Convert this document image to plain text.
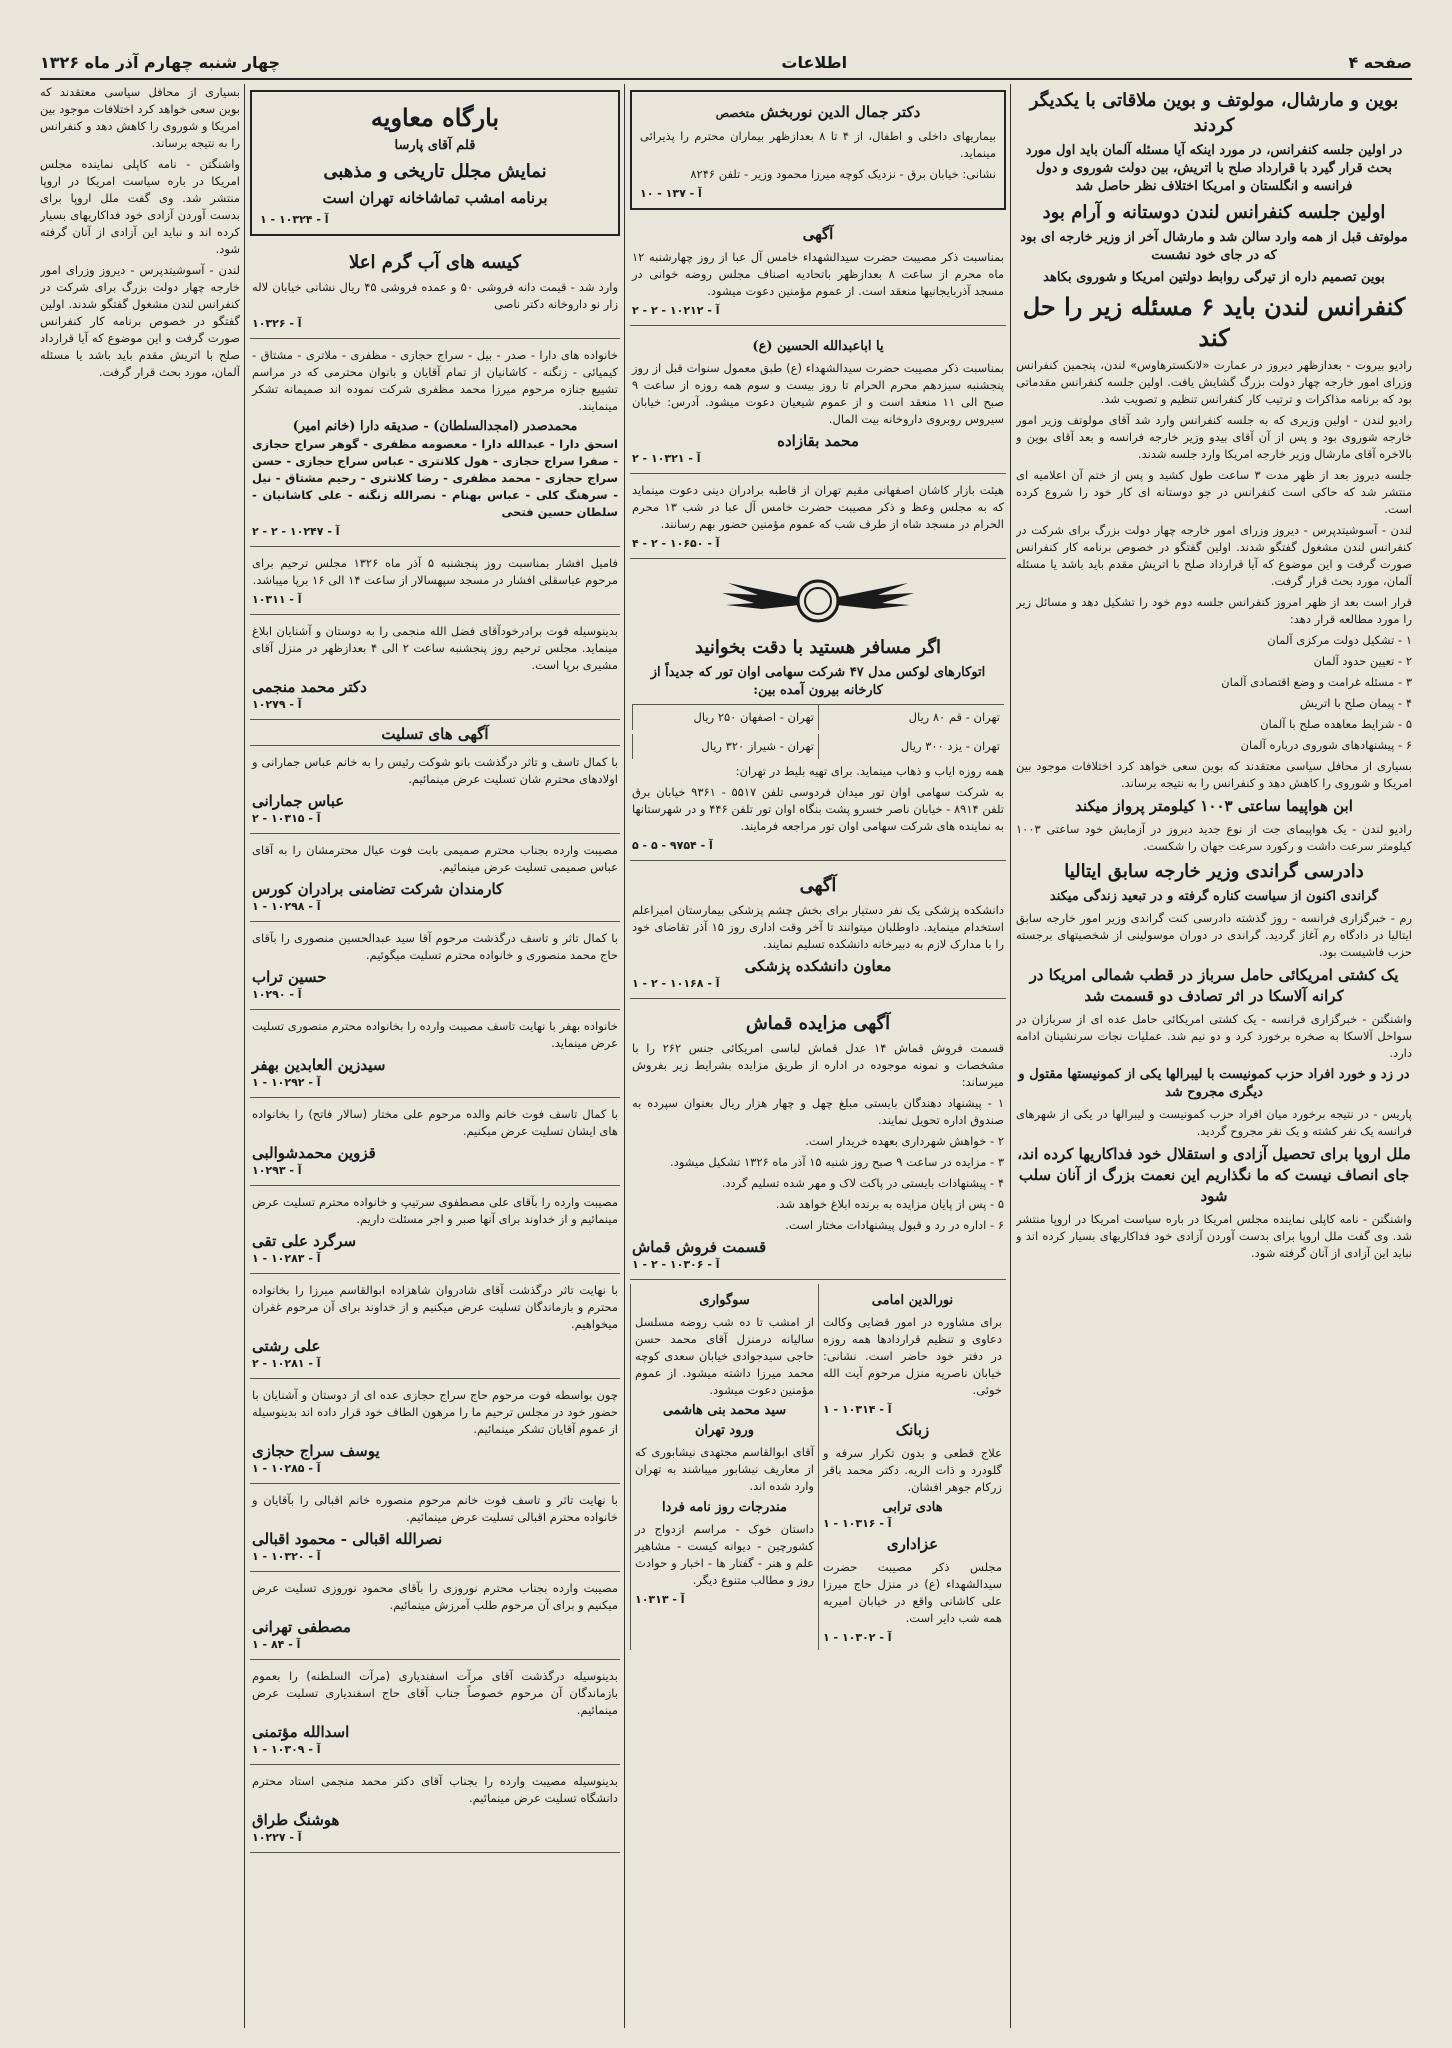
صفحه ۴
اطلاعات
چهار شنبه چهارم آذر ماه ۱۳۲۶
بوین و مارشال، مولوتف و بوین ملاقاتی با یکدیگر کردند
در اولین جلسه کنفرانس، در مورد اینکه آیا مسئله آلمان باید اول مورد بحث قرار گیرد با قرارداد صلح با اتریش، بین دولت شوروی و دول فرانسه و انگلستان و امریکا اختلاف نظر حاصل شد
اولین جلسه کنفرانس لندن دوستانه و آرام بود
مولوتف قبل از همه وارد سالن شد و مارشال آخر از وزیر خارجه ای بود که در جای خود نشست
بوین تصمیم داره از تیرگی روابط دولتین امریکا و شوروی بکاهد
کنفرانس لندن باید ۶ مسئله زیر را حل کند

رادیو بیروت - بعدازظهر دیروز در عمارت «لانکسترهاوس» لندن، پنجمین کنفرانس وزرای امور خارجه چهار دولت بزرگ گشایش یافت. اولین جلسه کنفرانس مقدماتی بود که برنامه مذاکرات و ترتیب کار کنفرانس تنظیم و تصویب شد.

رادیو لندن - اولین وزیری که به جلسه کنفرانس وارد شد آقای مولوتف وزیر امور خارجه شوروی بود و پس از آن آقای بیدو وزیر خارجه فرانسه و بعد آقای بوین و بالاخره آقای مارشال وزیر خارجه امریکا وارد جلسه شدند.

جلسه دیروز بعد از ظهر مدت ۳ ساعت طول کشید و پس از ختم آن اعلامیه ای منتشر شد که حاکی است کنفرانس در جو دوستانه ای کار خود را شروع کرده است.

لندن - آسوشیتدپرس - دیروز وزرای امور خارجه چهار دولت بزرگ برای شرکت در کنفرانس لندن مشغول گفتگو شدند. اولین گفتگو در خصوص برنامه کار کنفرانس صورت گرفت و این موضوع که آیا قرارداد صلح با اتریش مقدم باید باشد یا مسئله آلمان، مورد بحث قرار گرفت.

قرار است بعد از ظهر امروز کنفرانس جلسه دوم خود را تشکیل دهد و مسائل زیر را مورد مطالعه قرار دهد:

۱ - تشکیل دولت مرکزی آلمان

۲ - تعیین حدود آلمان

۳ - مسئله غرامت و وضع اقتصادی آلمان

۴ - پیمان صلح با اتریش

۵ - شرایط معاهده صلح با آلمان

۶ - پیشنهادهای شوروی درباره آلمان

بسیاری از محافل سیاسی معتقدند که بوین سعی خواهد کرد اختلافات موجود بین امریکا و شوروی را کاهش دهد و کنفرانس را به نتیجه برساند.

ابن هواپیما ساعتی ۱۰۰۳ کیلومتر پرواز میکند

رادیو لندن - یک هواپیمای جت از نوع جدید دیروز در آزمایش خود ساعتی ۱۰۰۳ کیلومتر سرعت داشت و رکورد سرعت جهان را شکست.

دادرسی گراندی وزیر خارجه سابق ایتالیا
گراندی اکنون از سیاست کناره گرفته و در تبعید زندگی میکند

رم - خبرگزاری فرانسه - روز گذشته دادرسی کنت گراندی وزیر امور خارجه سابق ایتالیا در دادگاه رم آغاز گردید. گراندی در دوران موسولینی از شخصیتهای برجسته حزب فاشیست بود.

یک کشتی امریکائی حامل سرباز در قطب شمالی امریکا در کرانه آلاسکا در اثر تصادف دو قسمت شد

واشنگتن - خبرگزاری فرانسه - یک کشتی امریکائی حامل عده ای از سربازان در سواحل آلاسکا به صخره برخورد کرد و دو نیم شد. عملیات نجات سرنشینان ادامه دارد.

در زد و خورد افراد حزب کمونیست با لیبرالها یکی از کمونیستها مقتول و دیگری مجروح شد

پاریس - در نتیجه برخورد میان افراد حزب کمونیست و لیبرالها در یکی از شهرهای فرانسه یک نفر کشته و یک نفر مجروح گردید.

ملل اروپا برای تحصیل آزادی و استقلال خود فداکاریها کرده اند، جای انصاف نیست که ما نگذاریم این نعمت بزرگ از آنان سلب شود

واشنگتن - نامه کاپلی نماینده مجلس امریکا در باره سیاست امریکا در اروپا منتشر شد. وی گفت ملل اروپا برای بدست آوردن آزادی خود فداکاریهای بسیار کرده اند و نباید این آزادی از آنان گرفته شود.

دکتر جمال الدین نوربخش متخصص

بیماریهای داخلی و اطفال، از ۴ تا ۸ بعدازظهر بیماران محترم را پذیرائی مینماید.

نشانی: خیابان برق - نزدیک کوچه میرزا محمود وزیر - تلفن ۸۲۴۶

آ - ۱۳۷ - ۱۰
آگهی

بمناسبت ذکر مصیبت حضرت سیدالشهداء خامس آل عبا از روز چهارشنبه ۱۲ ماه محرم از ساعت ۸ بعدازظهر باتحادیه اصناف مجلس روضه خوانی در مسجد آذربایجانیها منعقد است. از عموم مؤمنین دعوت میشود.

آ - ۱۰۲۱۲ - ۲ - ۲
یا اباعبدالله الحسین (ع)

بمناسبت ذکر مصیبت حضرت سیدالشهداء (ع) طبق معمول سنوات قبل از روز پنجشنبه سیزدهم محرم الحرام تا روز بیست و سوم همه روزه از ساعت ۹ صبح الی ۱۱ منعقد است و از عموم شیعیان دعوت میشود. آدرس: خیابان سیروس روبروی داروخانه بیت المال.

محمد بقازاده
آ - ۱۰۳۲۱ - ۲

هیئت بازار کاشان اصفهانی مقیم تهران از قاطبه برادران دینی دعوت مینماید که به مجلس وعظ و ذکر مصیبت حضرت خامس آل عبا در شب ۱۳ محرم الحرام در مسجد شاه از طرف شب که عموم مؤمنین حضور بهم رسانند.

آ - ۱۰۶۵۰ - ۲ - ۴
اگر مسافر هستید با دقت بخوانید
اتوکارهای لوکس مدل ۴۷ شرکت سهامی اوان تور که جدیداً از کارخانه بیرون آمده بین:
تهران - قم ۸۰ ریال
تهران - اصفهان ۲۵۰ ریال
تهران - یزد ۳۰۰ ریال
تهران - شیراز ۳۲۰ ریال

همه روزه ایاب و ذهاب مینماید. برای تهیه بلیط در تهران:

به شرکت سهامی اوان تور میدان فردوسی تلفن ۵۵۱۷ - ۹۳۶۱ خیابان برق تلفن ۸۹۱۴ - خیابان ناصر خسرو پشت بنگاه اوان تور تلفن ۴۴۶ و در شهرستانها به نماینده های شرکت سهامی اوان تور مراجعه فرمایند.

آ - ۹۷۵۴ - ۵ - ۵
آگهی

دانشکده پزشکی یک نفر دستیار برای بخش چشم پزشکی بیمارستان امیراعلم استخدام مینماید. داوطلبان میتوانند تا آخر وقت اداری روز ۱۵ آذر تقاضای خود را با مدارک لازم به دبیرخانه دانشکده تسلیم نمایند.

معاون دانشکده پزشکی
آ - ۱۰۱۶۸ - ۲ - ۱
آگهی مزایده قماش

قسمت فروش قماش ۱۴ عدل قماش لباسی امریکائی جنس ۲۶۲ را با مشخصات و نمونه موجوده در اداره از طریق مزایده بشرایط زیر بفروش میرساند:

۱ - پیشنهاد دهندگان بایستی مبلغ چهل و چهار هزار ریال بعنوان سپرده به صندوق اداره تحویل نمایند.

۲ - خواهش شهرداری بعهده خریدار است.

۳ - مزایده در ساعت ۹ صبح روز شنبه ۱۵ آذر ماه ۱۳۲۶ تشکیل میشود.

۴ - پیشنهادات بایستی در پاکت لاک و مهر شده تسلیم گردد.

۵ - پس از پایان مزایده به برنده ابلاغ خواهد شد.

۶ - اداره در رد و قبول پیشنهادات مختار است.

قسمت فروش قماش
آ - ۱۰۳۰۶ - ۲ - ۱
نورالدین امامی

برای مشاوره در امور قضایی وکالت دعاوی و تنظیم قراردادها همه روزه در دفتر خود حاضر است. نشانی: خیابان ناصریه منزل مرحوم آیت الله خوئی.

آ - ۱۰۳۱۴ - ۱
زبانک

علاج قطعی و بدون تکرار سرفه و گلودرد و ذات الریه. دکتر محمد باقر زرکام جوهر افشان.

هادی ترابی
آ - ۱۰۳۱۶ - ۱
عزاداری

مجلس ذکر مصیبت حضرت سیدالشهداء (ع) در منزل حاج میرزا علی کاشانی واقع در خیابان امیریه همه شب دایر است.

آ - ۱۰۳۰۲ - ۱
سوگواری

از امشب تا ده شب روضه مسلسل سالیانه درمنزل آقای محمد حسن حاجی سیدجوادی خیابان سعدی کوچه محمد میرزا داشته میشود. از عموم مؤمنین دعوت میشود.

سید محمد بنی هاشمی
ورود تهران

آقای ابوالقاسم مجتهدی نیشابوری که از معاریف نیشابور میباشند به تهران وارد شده اند.

مندرجات روز نامه فردا

داستان خوک - مراسم ازدواج در کشورچین - دیوانه کیست - مشاهیر علم و هنر - گفتار ها - اخبار و حوادث روز و مطالب متنوع دیگر.

آ - ۱۰۳۱۳
بارگاه معاویه
قلم آقای پارسا
نمایش مجلل تاریخی و مذهبی
برنامه امشب تماشاخانه تهران است
آ - ۱۰۳۲۴ - ۱
کیسه های آب گرم اعلا

وارد شد - قیمت دانه فروشی ۵۰ و عمده فروشی ۴۵ ریال نشانی خیابان لاله زار نو داروخانه دکتر ناصی

آ - ۱۰۳۲۶

خانواده های دارا - صدر - بیل - سراج حجازی - مظفری - ملاتری - مشتاق - کیمیائی - زنگنه - کاشانیان از تمام آقایان و بانوان محترمی که در مراسم تشییع جنازه مرحوم میرزا محمد مظفری شرکت نموده اند صمیمانه تشکر مینمایند.

محمدصدر (امجدالسلطان) - صدیقه دارا (خانم امیر)

اسحق دارا - عبدالله دارا - معصومه مظفری - گوهر سراج حجازی - صفرا سراج حجازی - هول کلانتری - عباس سراج حجازی - حسن سراج حجازی - محمد مظفری - رضا کلانتری - رحیم مشتاق - نیل - سرهنگ کلی - عباس بهنام - نصرالله زنگنه - علی کاشانیان - سلطان حسین فتحی

آ - ۱۰۲۴۷ - ۲ - ۲

فامیل افشار بمناسبت روز پنجشنبه ۵ آذر ماه ۱۳۲۶ مجلس ترحیم برای مرحوم عباسقلی افشار در مسجد سپهسالار از ساعت ۱۴ الی ۱۶ برپا میباشد.

آ - ۱۰۳۱۱

بدینوسیله فوت برادرخودآقای فضل الله منجمی را به دوستان و آشنایان ابلاغ مینماید. مجلس ترحیم روز پنجشنبه ساعت ۲ الی ۴ بعدازظهر در منزل آقای مشیری برپا است.

دکتر محمد منجمی
آ - ۱۰۲۷۹
آگهی های تسلیت

با کمال تاسف و تاثر درگذشت بانو شوکت رئیس را به خانم عباس جمارانی و اولادهای محترم شان تسلیت عرض مینمائیم.

عباس جمارانی
آ - ۱۰۳۱۵ - ۲

مصیبت وارده بجناب محترم صمیمی بابت فوت عیال محترمشان را به آقای عباس صمیمی تسلیت عرض مینمائیم.

کارمندان شرکت تضامنی برادران کورس
آ - ۱۰۲۹۸ - ۱

با کمال تاثر و تاسف درگذشت مرحوم آقا سید عبدالحسین منصوری را بآقای حاج محمد منصوری و خانواده محترم تسلیت میگوئیم.

حسین تراب
آ - ۱۰۲۹۰

خانواده بهفر با نهایت تاسف مصیبت وارده را بخانواده محترم منصوری تسلیت عرض مینماید.

سیدزین العابدین بهفر
آ - ۱۰۲۹۲ - ۱

با کمال تاسف فوت خانم والده مرحوم علی مختار (سالار فاتح) را بخانواده های ایشان تسلیت عرض میکنیم.

قزوین محمدشوالبی
آ - ۱۰۲۹۳

مصیبت وارده را بآقای علی مصطفوی سرتیپ و خانواده محترم تسلیت عرض مینمائیم و از خداوند برای آنها صبر و اجر مسئلت داریم.

سرگرد علی تقی
آ - ۱۰۲۸۳ - ۱

با نهایت تاثر درگذشت آقای شادروان شاهزاده ابوالقاسم میرزا را بخانواده محترم و بازماندگان تسلیت عرض میکنیم و از خداوند برای آن مرحوم غفران میخواهیم.

علی رشتی
آ - ۱۰۲۸۱ - ۲

چون بواسطه فوت مرحوم حاج سراج حجازی عده ای از دوستان و آشنایان با حضور خود در مجلس ترحیم ما را مرهون الطاف خود قرار داده اند بدینوسیله از عموم آقایان تشکر مینمائیم.

یوسف سراج حجازی
آ - ۱۰۲۸۵ - ۱

با نهایت تاثر و تاسف فوت خانم مرحوم منصوره خانم اقبالی را بآقایان و خانواده محترم اقبالی تسلیت عرض مینمائیم.

نصرالله اقبالی - محمود اقبالی
آ - ۱۰۳۲۰ - ۱

مصیبت وارده بجناب محترم نوروزی را بآقای محمود نوروزی تسلیت عرض میکنیم و برای آن مرحوم طلب آمرزش مینمائیم.

مصطفی تهرانی
آ - ۸۴ - ۱

بدینوسیله درگذشت آقای مرآت اسفندیاری (مرآت السلطنه) را بعموم بازماندگان آن مرحوم خصوصاً جناب آقای حاج اسفندیاری تسلیت عرض مینمائیم.

اسدالله مؤتمنی
آ - ۱۰۳۰۹ - ۱

بدینوسیله مصیبت وارده را بجناب آقای دکتر محمد منجمی استاد محترم دانشگاه تسلیت عرض مینمائیم.

هوشنگ طراق
آ - ۱۰۲۲۷

بسیاری از محافل سیاسی معتقدند که بوین سعی خواهد کرد اختلافات موجود بین امریکا و شوروی را کاهش دهد و کنفرانس را به نتیجه برساند.

واشنگتن - نامه کاپلی نماینده مجلس امریکا در باره سیاست امریکا در اروپا منتشر شد. وی گفت ملل اروپا برای بدست آوردن آزادی خود فداکاریهای بسیار کرده اند و نباید این آزادی از آنان گرفته شود.

لندن - آسوشیتدپرس - دیروز وزرای امور خارجه چهار دولت بزرگ برای شرکت در کنفرانس لندن مشغول گفتگو شدند. اولین گفتگو در خصوص برنامه کار کنفرانس صورت گرفت و این موضوع که آیا قرارداد صلح با اتریش مقدم باید باشد یا مسئله آلمان، مورد بحث قرار گرفت.
